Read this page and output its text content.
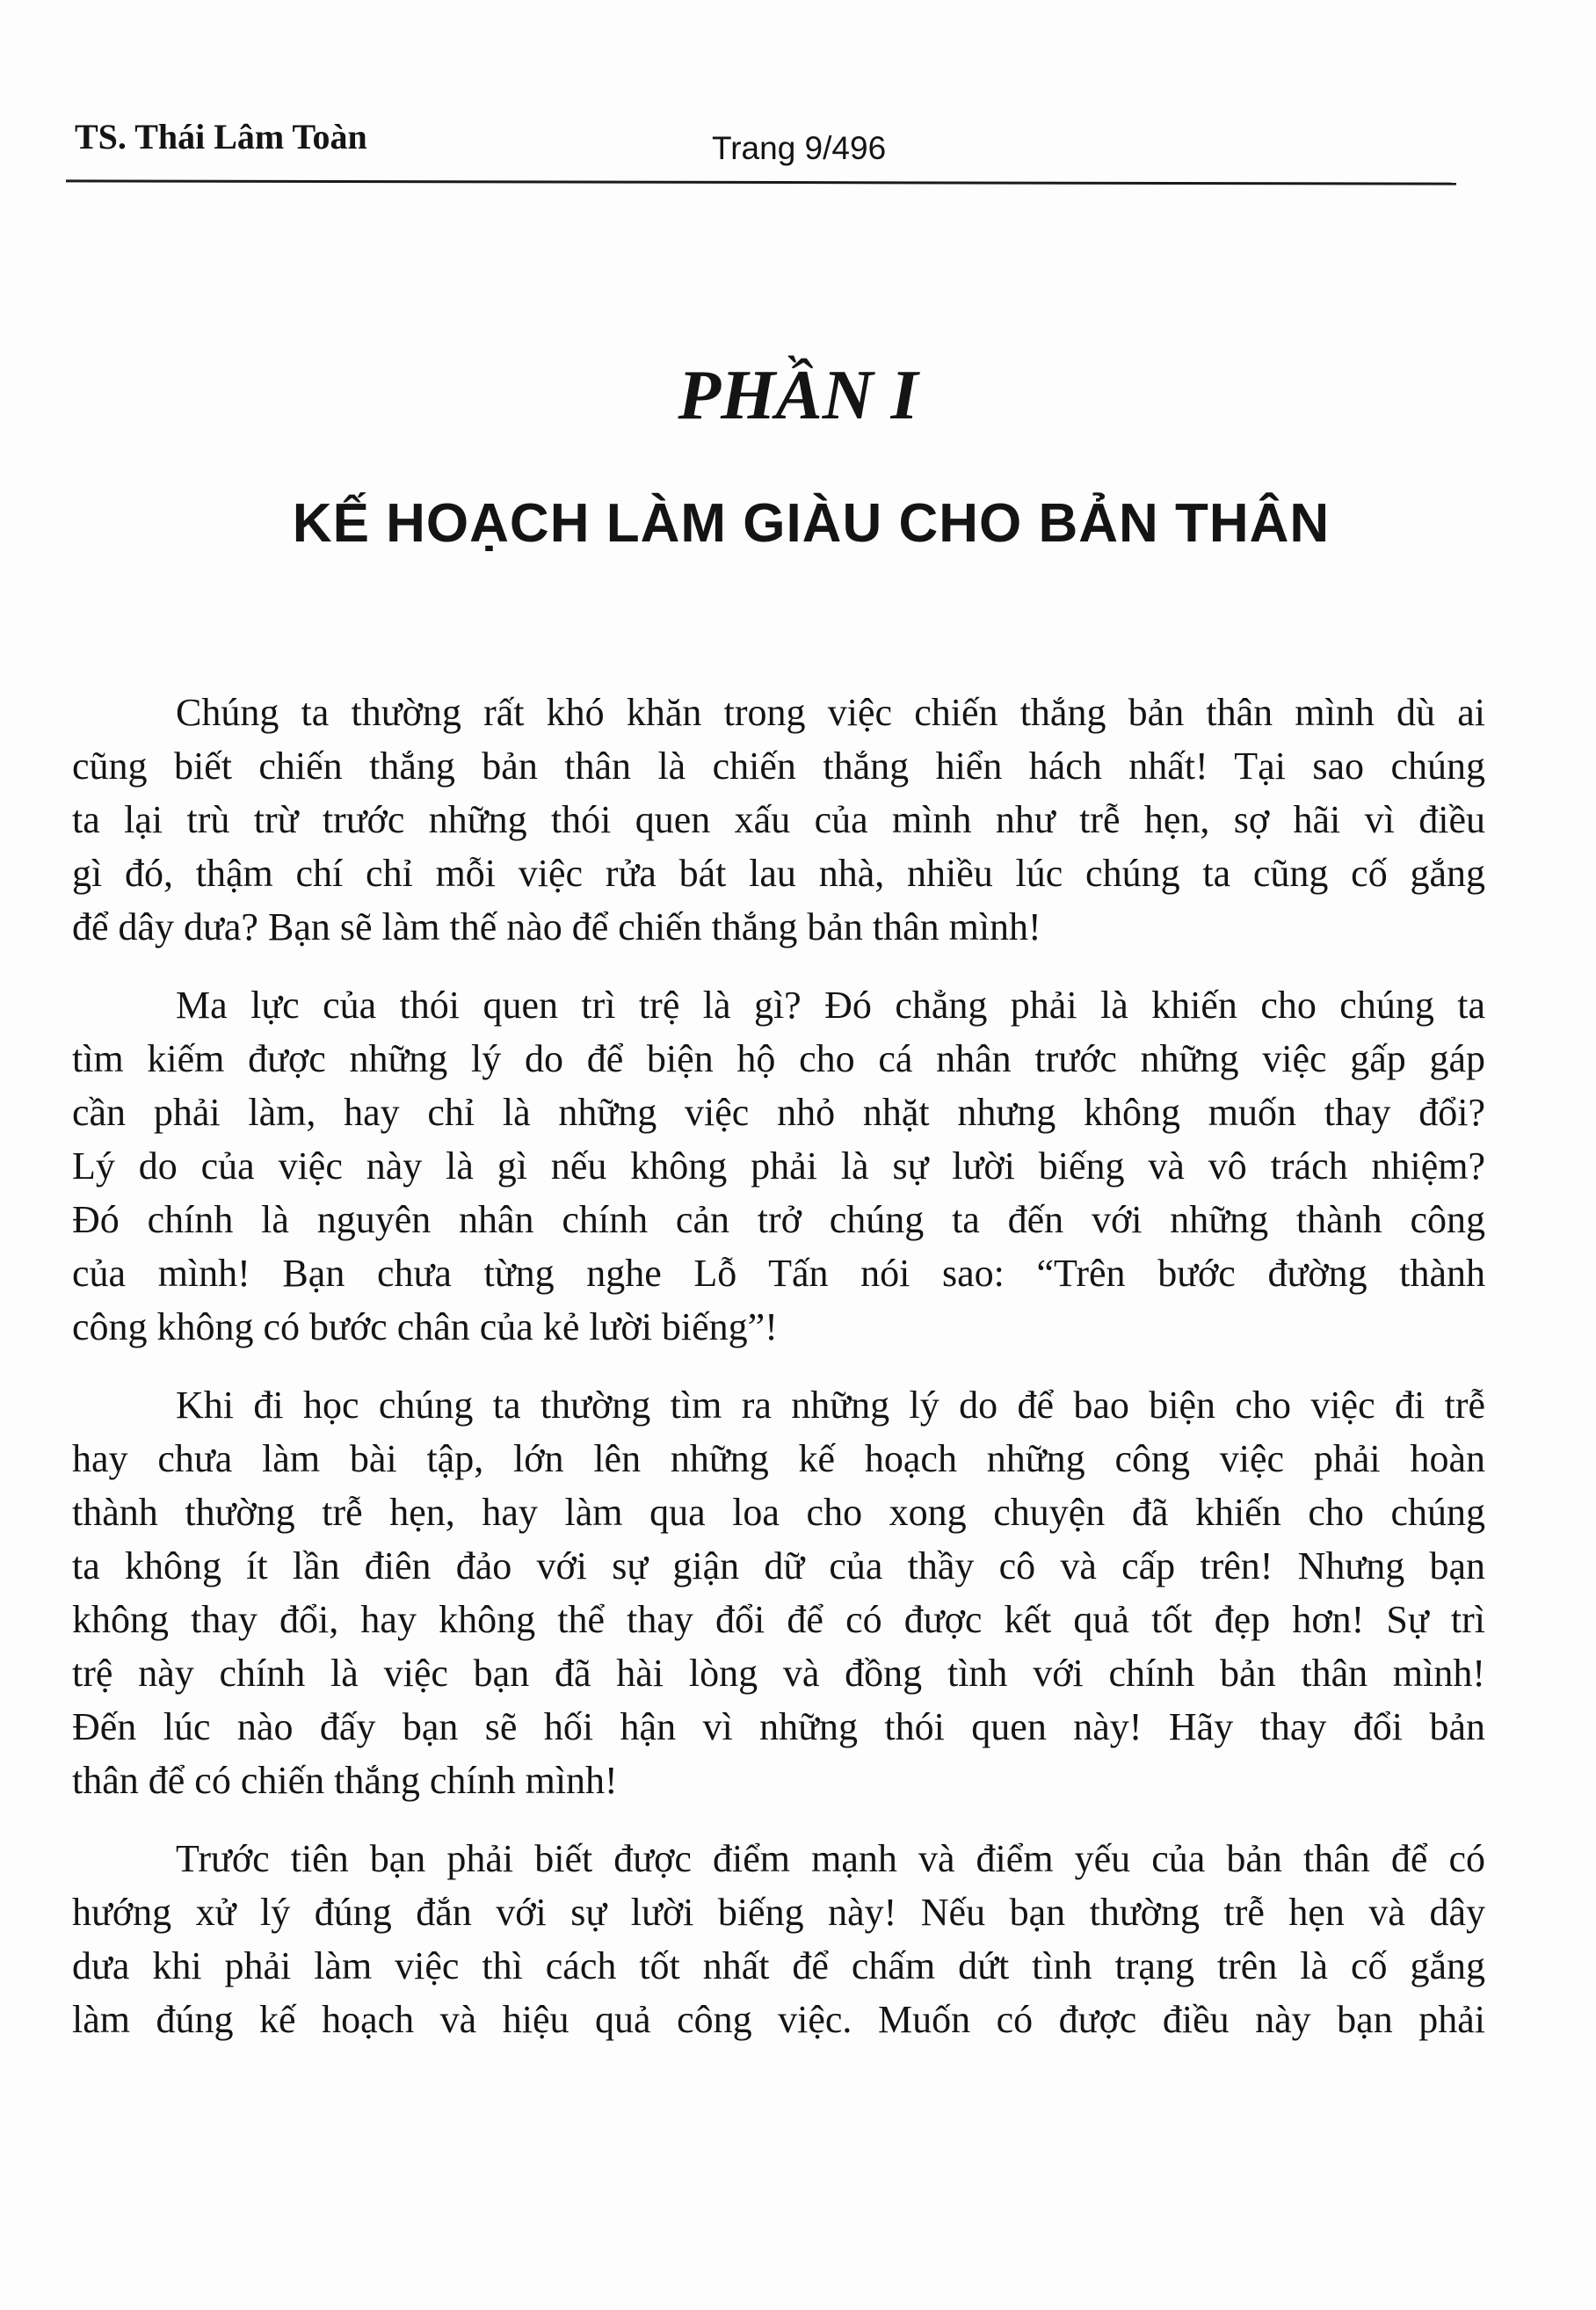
TS. Thái Lâm Toàn	Trang 9/496
PHẦN I
KẾ HOẠCH LÀM GIÀU CHO BẢN THÂN
Chúng ta thường rất khó khăn trong việc chiến thắng bản thân mình dù ai
cũng biết chiến thắng bản thân là chiến thắng hiển hách nhất! Tại sao chúng
ta lại trù trừ trước những thói quen xấu của mình như trễ hẹn, sợ hãi vì điều
gì đó, thậm chí chỉ mỗi việc rửa bát lau nhà, nhiều lúc chúng ta cũng cố gắng
để dây dưa? Bạn sẽ làm thế nào để chiến thắng bản thân mình!
Ma lực của thói quen trì trệ là gì? Đó chẳng phải là khiến cho chúng ta
tìm kiếm được những lý do để biện hộ cho cá nhân trước những việc gấp gáp
cần phải làm, hay chỉ là những việc nhỏ nhặt nhưng không muốn thay đổi?
Lý do của việc này là gì nếu không phải là sự lười biếng và vô trách nhiệm?
Đó chính là nguyên nhân chính cản trở chúng ta đến với những thành công
của mình! Bạn chưa từng nghe Lỗ Tấn nói sao: “Trên bước đường thành
công không có bước chân của kẻ lười biếng”!
Khi đi học chúng ta thường tìm ra những lý do để bao biện cho việc đi trễ
hay chưa làm bài tập, lớn lên những kế hoạch những công việc phải hoàn
thành thường trễ hẹn, hay làm qua loa cho xong chuyện đã khiến cho chúng
ta không ít lần điên đảo với sự giận dữ của thầy cô và cấp trên! Nhưng bạn
không thay đổi, hay không thể thay đổi để có được kết quả tốt đẹp hơn! Sự trì
trệ này chính là việc bạn đã hài lòng và đồng tình với chính bản thân mình!
Đến lúc nào đấy bạn sẽ hối hận vì những thói quen này! Hãy thay đổi bản
thân để có chiến thắng chính mình!
Trước tiên bạn phải biết được điểm mạnh và điểm yếu của bản thân để có
hướng xử lý đúng đắn với sự lười biếng này! Nếu bạn thường trễ hẹn và dây
dưa khi phải làm việc thì cách tốt nhất để chấm dứt tình trạng trên là cố gắng
làm đúng kế hoạch và hiệu quả công việc. Muốn có được điều này bạn phải
